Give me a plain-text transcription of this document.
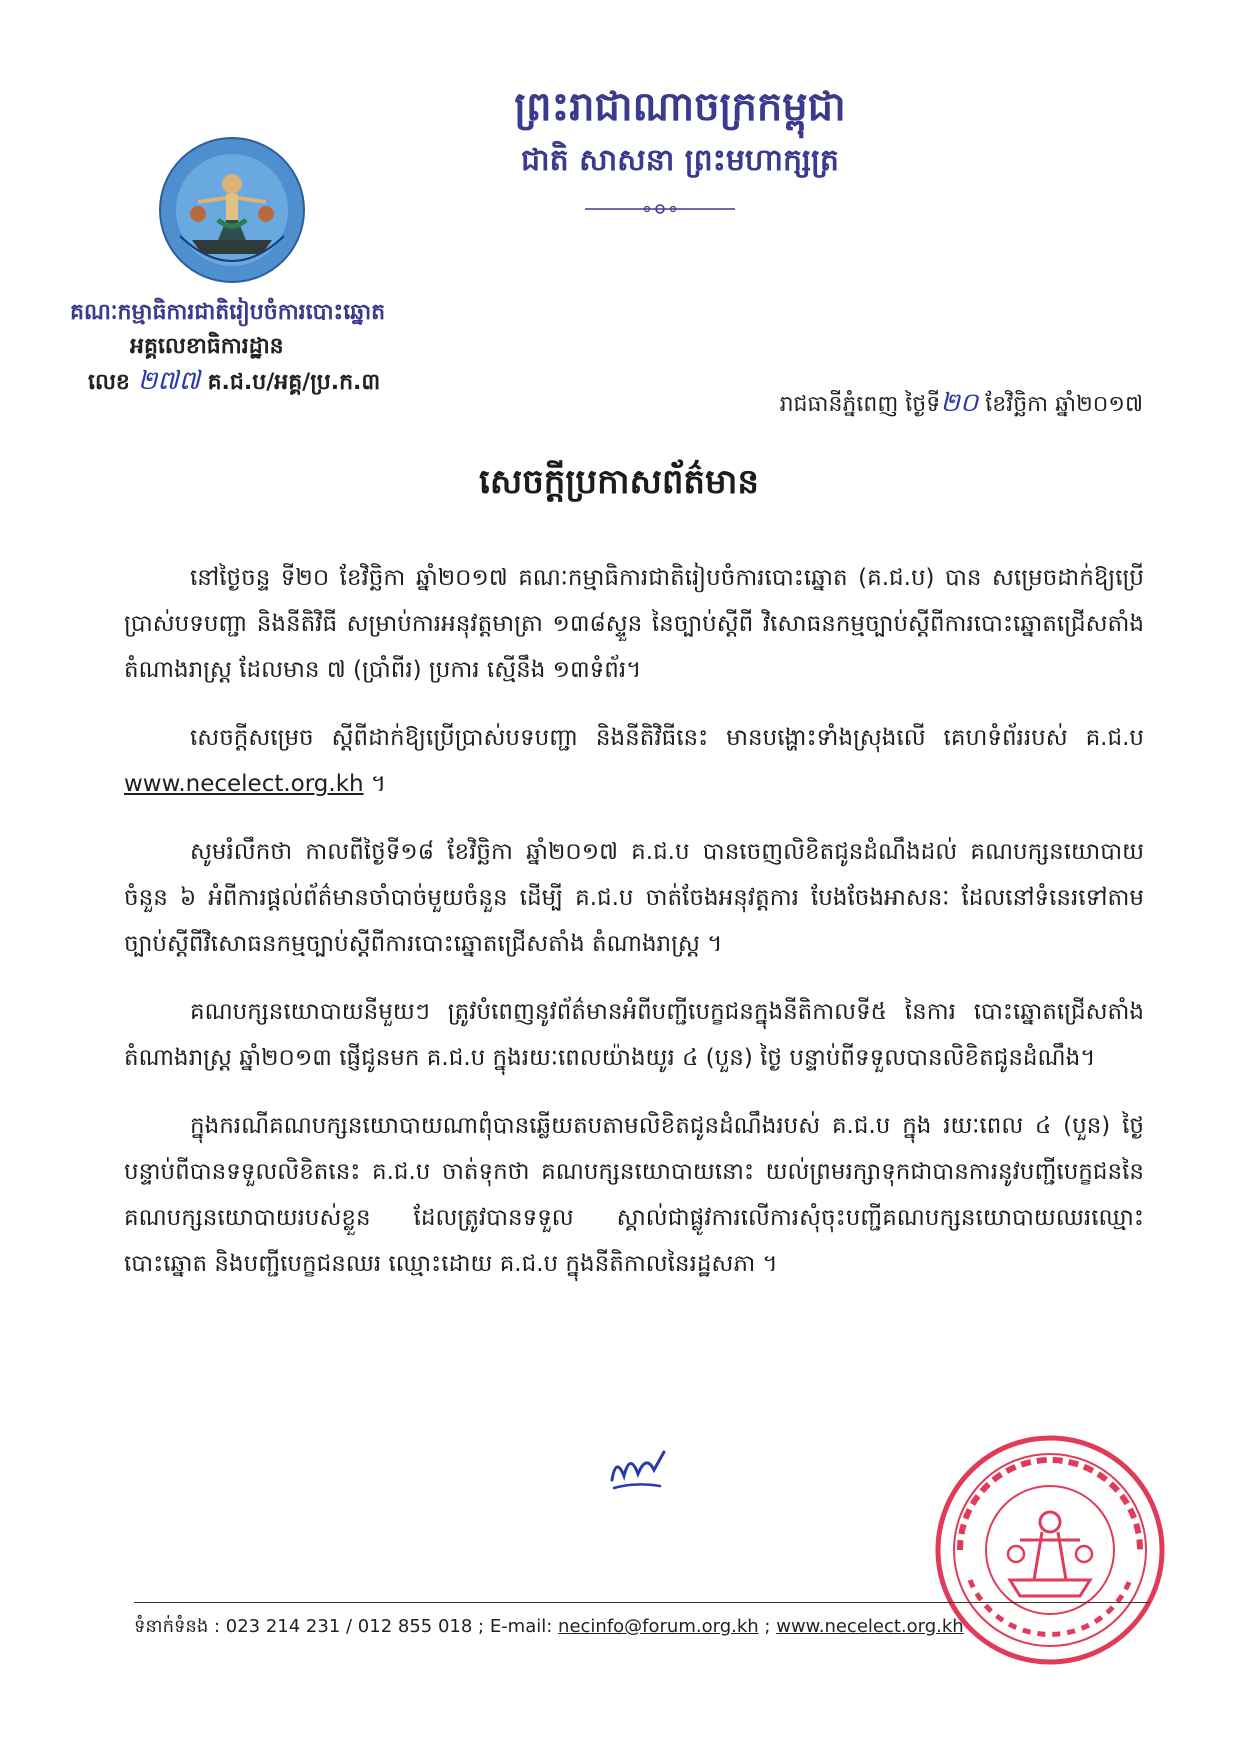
ព្រះរាជាណាចក្រកម្ពុជា
ជាតិ សាសនា ព្រះមហាក្សត្រ
គណៈកម្មាធិការជាតិរៀបចំការបោះឆ្នោត
អគ្គលេខាធិការដ្ឋាន
លេខ ២៧៧ គ.ជ.ប/អគ្គ/ប្រ.ក.៣
រាជធានីភ្នំពេញ ថ្ងៃទី២០ ខែវិច្ឆិកា ឆ្នាំ២០១៧
សេចក្តីប្រកាសព័ត៌មាន

នៅថ្ងៃចន្ទ ទី២០ ខែវិច្ឆិកា ឆ្នាំ២០១៧ គណៈកម្មាធិការជាតិរៀបចំការបោះឆ្នោត (គ.ជ.ប) បាន សម្រេចដាក់ឱ្យប្រើប្រាស់បទបញ្ជា និងនីតិវិធី សម្រាប់ការអនុវត្តមាត្រា ១៣៨ស្ទួន នៃច្បាប់ស្តីពី វិសោធនកម្មច្បាប់ស្តីពីការបោះឆ្នោតជ្រើសតាំងតំណាងរាស្ត្រ ដែលមាន ៧ (ប្រាំពីរ) ប្រការ ស្មើនឹង ១៣ទំព័រ។

សេចក្តីសម្រេច ស្តីពីដាក់ឱ្យប្រើប្រាស់បទបញ្ជា និងនីតិវិធីនេះ មានបង្ហោះទាំងស្រុងលើ គេហទំព័ររបស់ គ.ជ.ប www.necelect.org.kh ។

សូមរំលឹកថា កាលពីថ្ងៃទី១៨ ខែវិច្ឆិកា ឆ្នាំ២០១៧ គ.ជ.ប បានចេញលិខិតជូនដំណឹងដល់ គណបក្សនយោបាយចំនួន ៦ អំពីការផ្តល់ព័ត៌មានចាំបាច់មួយចំនួន ដើម្បី គ.ជ.ប ចាត់ចែងអនុវត្តការ បែងចែងអាសនៈ ដែលនៅទំនេរទៅតាមច្បាប់ស្តីពីវិសោធនកម្មច្បាប់ស្តីពីការបោះឆ្នោតជ្រើសតាំង តំណាងរាស្ត្រ ។

គណបក្សនយោបាយនីមួយៗ ត្រូវបំពេញនូវព័ត៌មានអំពីបញ្ជីបេក្ខជនក្នុងនីតិកាលទី៥ នៃការ បោះឆ្នោតជ្រើសតាំងតំណាងរាស្ត្រ ឆ្នាំ២០១៣ ផ្ញើជូនមក គ.ជ.ប ក្នុងរយៈពេលយ៉ាងយូរ ៤ (បួន) ថ្ងៃ បន្ទាប់ពីទទួលបានលិខិតជូនដំណឹង។

ក្នុងករណីគណបក្សនយោបាយណាពុំបានឆ្លើយតបតាមលិខិតជូនដំណឹងរបស់ គ.ជ.ប ក្នុង រយៈពេល ៤ (បួន) ថ្ងៃបន្ទាប់ពីបានទទួលលិខិតនេះ គ.ជ.ប ចាត់ទុកថា គណបក្សនយោបាយនោះ យល់ព្រមរក្សាទុកជាបានការនូវបញ្ជីបេក្ខជននៃគណបក្សនយោបាយរបស់ខ្លួន ដែលត្រូវបានទទួល ស្គាល់ជាផ្លូវការលើការសុំចុះបញ្ជីគណបក្សនយោបាយឈរឈ្មោះបោះឆ្នោត និងបញ្ជីបេក្ខជនឈរ ឈ្មោះដោយ គ.ជ.ប ក្នុងនីតិកាលនៃរដ្ឋសភា ។

ទំនាក់ទំនង : 023 214 231 / 012 855 018 ; E-mail: necinfo@forum.org.kh ; www.necelect.org.kh
